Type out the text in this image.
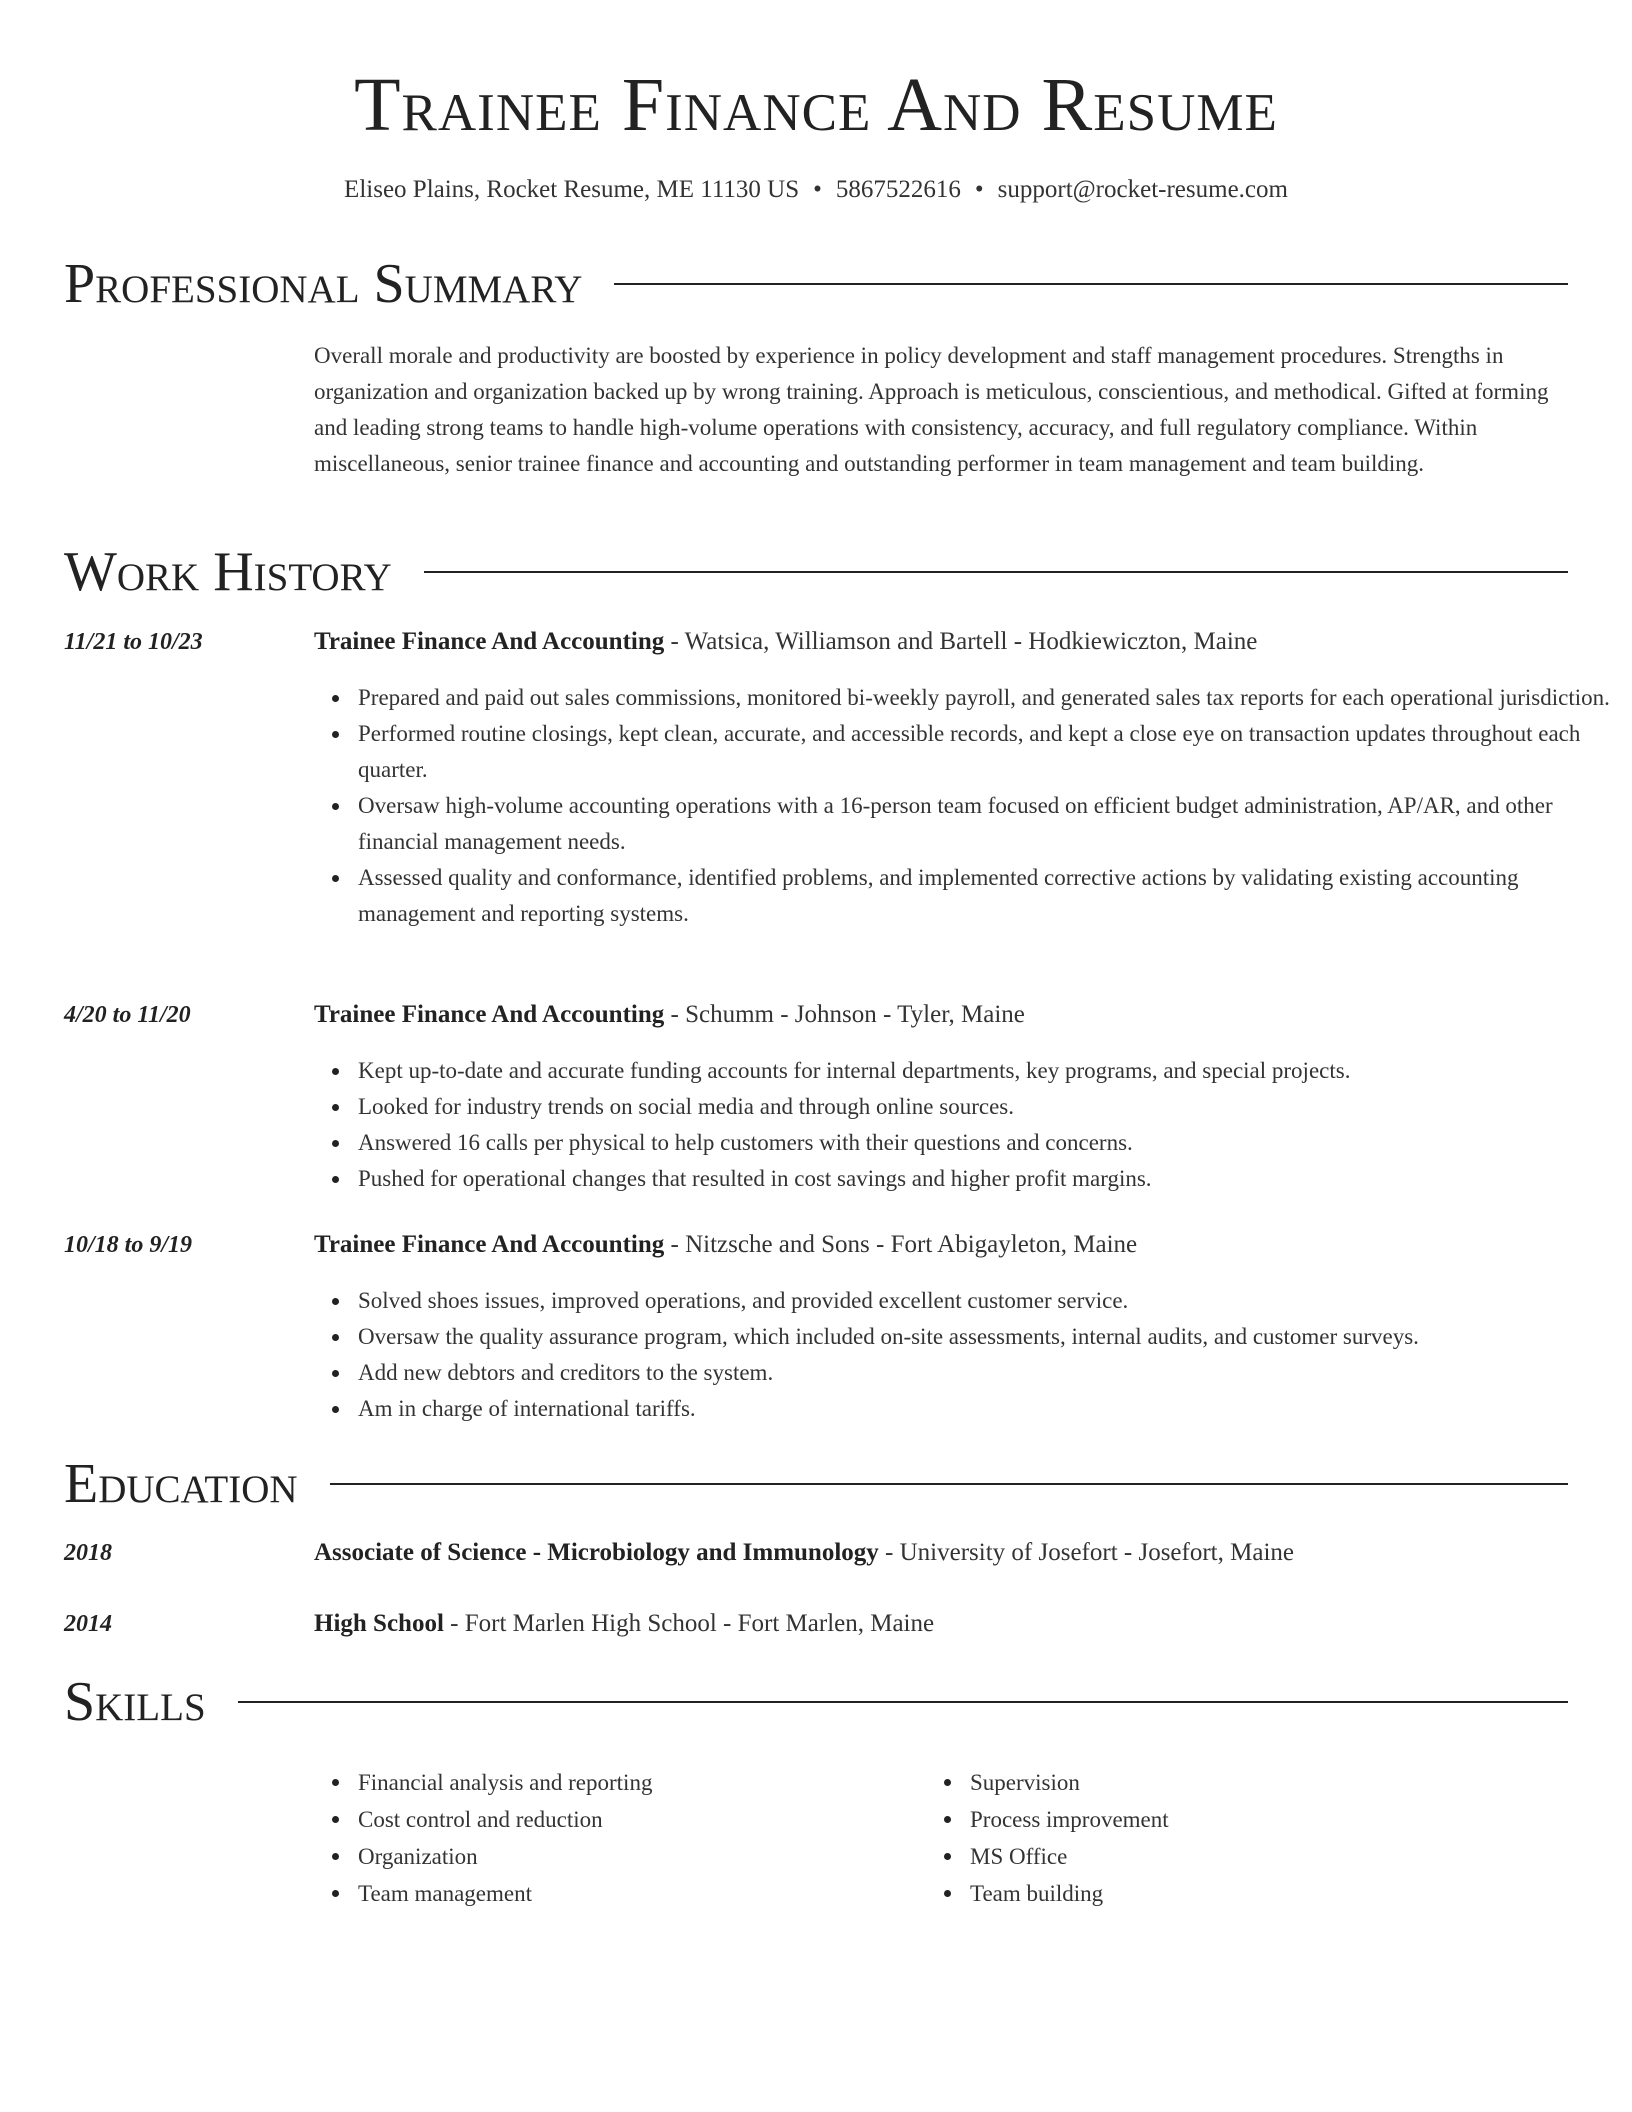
Trainee Finance And Resume
Eliseo Plains, Rocket Resume, ME 11130 US • 5867522616 • support@rocket-resume.com
Professional Summary

Overall morale and productivity are boosted by experience in policy development and staff management procedures. Strengths in organization and organization backed up by wrong training. Approach is meticulous, conscientious, and methodical. Gifted at forming and leading strong teams to handle high-volume operations with consistency, accuracy, and full regulatory compliance. Within miscellaneous, senior trainee finance and accounting and outstanding performer in team management and team building.

Work History
11/21 to 10/23	Trainee Finance And Accounting - Watsica, Williamson and Bartell - Hodkiewiczton, Maine
Prepared and paid out sales commissions, monitored bi-weekly payroll, and generated sales tax reports for each operational jurisdiction.
Performed routine closings, kept clean, accurate, and accessible records, and kept a close eye on transaction updates throughout each quarter.
Oversaw high-volume accounting operations with a 16-person team focused on efficient budget administration, AP/AR, and other financial management needs.
Assessed quality and conformance, identified problems, and implemented corrective actions by validating existing accounting management and reporting systems.
4/20 to 11/20	Trainee Finance And Accounting - Schumm - Johnson - Tyler, Maine
Kept up-to-date and accurate funding accounts for internal departments, key programs, and special projects.
Looked for industry trends on social media and through online sources.
Answered 16 calls per physical to help customers with their questions and concerns.
Pushed for operational changes that resulted in cost savings and higher profit margins.
10/18 to 9/19	Trainee Finance And Accounting - Nitzsche and Sons - Fort Abigayleton, Maine
Solved shoes issues, improved operations, and provided excellent customer service.
Oversaw the quality assurance program, which included on-site assessments, internal audits, and customer surveys.
Add new debtors and creditors to the system.
Am in charge of international tariffs.
Education
2018	Associate of Science - Microbiology and Immunology - University of Josefort - Josefort, Maine
2014	High School - Fort Marlen High School - Fort Marlen, Maine
Skills
Financial analysis and reporting
Cost control and reduction
Organization
Team management
Supervision
Process improvement
MS Office
Team building
